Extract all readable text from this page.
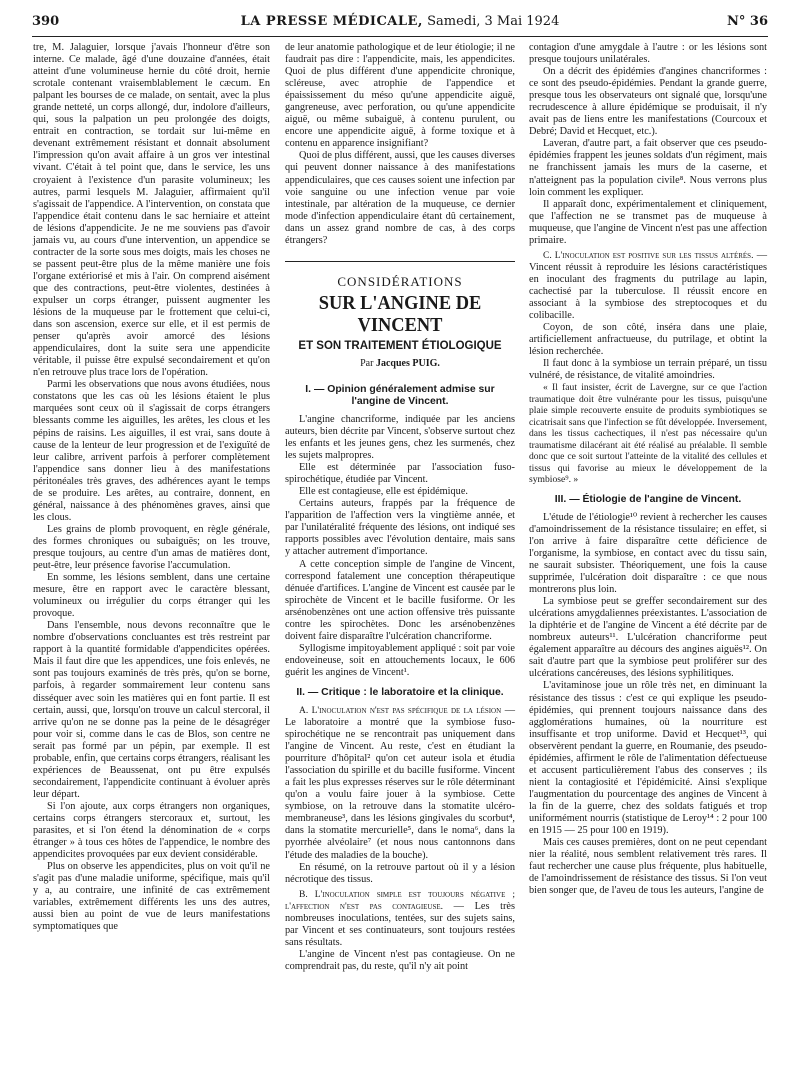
390	LA PRESSE MÉDICALE, Samedi, 3 Mai 1924	N° 36

tre, M. Jalaguier, lorsque j'avais l'honneur d'être son interne. Ce malade, âgé d'une douzaine d'années, était atteint d'une volumineuse hernie du côté droit, hernie scrotale contenant vraisemblablement le cæcum. En palpant les bourses de ce malade, on sentait, avec la plus grande netteté, un corps allongé, dur, indolore d'ailleurs, qui, sous la palpation un peu prolongée des doigts, entrait en contraction, se tordait sur lui-même en devenant extrêmement résistant et donnait absolument l'impression qu'on avait affaire à un gros ver intestinal vivant. C'était à tel point que, dans le service, les uns croyaient à l'existence d'un parasite volumineux; les autres, parmi lesquels M. Jalaguier, affirmaient qu'il s'agissait de l'appendice. A l'intervention, on constata que l'appendice était contenu dans le sac herniaire et atteint de lésions d'appendicite. Je ne me souviens pas d'avoir jamais vu, au cours d'une intervention, un appendice se contracter de la sorte sous mes doigts, mais les choses ne se passent peut-être plus de la même manière une fois l'organe extériorisé et mis à l'air. On comprend aisément que des contractions, peut-être violentes, destinées à expulser un corps étranger, puissent augmenter les lésions de la muqueuse par le frottement que celui-ci, dans son ascension, exerce sur elle, et il est permis de penser qu'après avoir amorcé des lésions appendiculaires, dont la suite sera une appendicite véritable, il puisse être expulsé secondairement et qu'on n'en retrouve plus trace lors de l'opération.

Parmi les observations que nous avons étudiées, nous constatons que les cas où les lésions étaient le plus marquées sont ceux où il s'agissait de corps étrangers blessants comme les aiguilles, les arêtes, les clous et les pépins de raisins. Les aiguilles, il est vrai, sans doute à cause de la lenteur de leur progression et de l'exiguïté de leur calibre, arrivent parfois à perforer complètement l'appendice sans donner lieu à des manifestations péritonéales très graves, des adhérences ayant le temps de se produire. Les arêtes, au contraire, donnent, en général, naissance à des phénomènes graves, ainsi que les clous.

Les grains de plomb provoquent, en règle générale, des formes chroniques ou subaiguës; on les trouve, presque toujours, au centre d'un amas de matières dont, peut-être, leur présence favorise l'accumulation.

En somme, les lésions semblent, dans une certaine mesure, être en rapport avec le caractère blessant, volumineux ou irrégulier du corps étranger qui les provoque.

Dans l'ensemble, nous devons reconnaître que le nombre d'observations concluantes est très restreint par rapport à la quantité formidable d'appendicites opérées. Mais il faut dire que les appendices, une fois enlevés, ne sont pas toujours examinés de très près, qu'on se borne, parfois, à regarder sommairement leur contenu sans disséquer avec soin les matières qui en font partie. Il est certain, aussi, que, lorsqu'on trouve un calcul stercoral, il arrive qu'on ne se donne pas la peine de le désagréger pour voir si, comme dans le cas de Blos, son centre ne serait pas formé par un pépin, par exemple. Il est probable, enfin, que certains corps étrangers, réalisant les expériences de Beaussenat, ont pu être expulsés secondairement, l'appendicite continuant à évoluer après leur départ.

Si l'on ajoute, aux corps étrangers non organiques, certains corps étrangers stercoraux et, surtout, les parasites, et si l'on étend la dénomination de « corps étranger » à tous ces hôtes de l'appendice, le nombre des appendicites provoquées par eux devient considérable.

Plus on observe les appendicites, plus on voit qu'il ne s'agit pas d'une maladie uniforme, spécifique, mais qu'il y a, au contraire, une infinité de cas extrêmement variables, extrêmement différents les uns des autres, aussi bien au point de vue de leurs manifestations symptomatiques que

de leur anatomie pathologique et de leur étiologie; il ne faudrait pas dire : l'appendicite, mais, les appendicites. Quoi de plus différent d'une appendicite chronique, scléreuse, avec atrophie de l'appendice et épaississement du méso qu'une appendicite aiguë, gangreneuse, avec perforation, ou qu'une appendicite aiguë, ou même subaiguë, à contenu purulent, ou encore une appendicite aiguë, à forme toxique et à contenu en apparence insignifiant?

Quoi de plus différent, aussi, que les causes diverses qui peuvent donner naissance à des manifestations appendiculaires, que ces causes soient une infection par voie sanguine ou une infection venue par voie intestinale, par altération de la muqueuse, ce dernier mode d'infection appendiculaire étant dû certainement, dans un assez grand nombre de cas, à des corps étrangers?

CONSIDÉRATIONS
SUR L'ANGINE DE VINCENT
ET SON TRAITEMENT ÉTIOLOGIQUE
Par Jacques PUIG.
I. — Opinion généralement admise sur l'angine de Vincent.

L'angine chancriforme, indiquée par les anciens auteurs, bien décrite par Vincent, s'observe surtout chez les enfants et les jeunes gens, chez les surmenés, chez les sujets malpropres.

Elle est déterminée par l'association fuso-spirochétique, étudiée par Vincent.

Elle est contagieuse, elle est épidémique.

Certains auteurs, frappés par la fréquence de l'apparition de l'affection vers la vingtième année, et par l'unilatéralité fréquente des lésions, ont indiqué ses rapports possibles avec l'évolution dentaire, mais sans y attacher autrement d'importance.

A cette conception simple de l'angine de Vincent, correspond fatalement une conception thérapeutique dénuée d'artifices. L'angine de Vincent est causée par le spirochète de Vincent et le bacille fusiforme. Or les arsénobenzènes ont une action offensive très puissante contre les spirochètes. Donc les arsénobenzènes doivent faire disparaître l'ulcération chancriforme.

Syllogisme impitoyablement appliqué : soit par voie endoveineuse, soit en attouchements locaux, le 606 guérit les angines de Vincent¹.

II. — Critique : le laboratoire et la clinique.

A. L'inoculation n'est pas spécifique de la lésion — Le laboratoire a montré que la symbiose fuso-spirochétique ne se rencontrait pas uniquement dans l'angine de Vincent. Au reste, c'est en étudiant la pourriture d'hôpital² qu'on cet auteur isola et étudia l'association du spirille et du bacille fusiforme. Vincent a fait les plus expresses réserves sur le rôle déterminant qu'on a voulu faire jouer à la symbiose. Cette symbiose, on la retrouve dans la stomatite ulcéro-membraneuse³, dans les lésions gingivales du scorbut⁴, dans la stomatite mercurielle⁵, dans le noma⁶, dans la pyorrhée alvéolaire⁷ (et nous nous cantonnons dans l'étude des maladies de la bouche).

En résumé, on la retrouve partout où il y a lésion nécrotique des tissus.

B. L'inoculation simple est toujours négative ; l'affection n'est pas contagieuse. — Les très nombreuses inoculations, tentées, sur des sujets sains, par Vincent et ses continuateurs, sont toujours restées sans résultats.

L'angine de Vincent n'est pas contagieuse. On ne comprendrait pas, du reste, qu'il n'y ait point

contagion d'une amygdale à l'autre : or les lésions sont presque toujours unilatérales.

On a décrit des épidémies d'angines chancriformes : ce sont des pseudo-épidémies. Pendant la grande guerre, presque tous les observateurs ont signalé que, lorsqu'une recrudescence à allure épidémique se produisait, il n'y avait pas de liens entre les manifestations (Courcoux et Debré; David et Hecquet, etc.).

Laveran, d'autre part, a fait observer que ces pseudo-épidémies frappent les jeunes soldats d'un régiment, mais ne franchissent jamais les murs de la caserne, et n'atteignent pas la population civile⁸. Nous verrons plus loin comment les expliquer.

Il apparaît donc, expérimentalement et cliniquement, que l'affection ne se transmet pas de muqueuse à muqueuse, que l'angine de Vincent n'est pas une affection primaire.

C. L'inoculation est positive sur les tissus altérés. — Vincent réussit à reproduire les lésions caractéristiques en inoculant des fragments du putrilage au lapin, cachectisé par la tuberculose. Il réussit encore en associant à la symbiose des streptocoques et du colibacille.

Coyon, de son côté, inséra dans une plaie, artificiellement anfractueuse, du putrilage, et obtint la lésion recherchée.

Il faut donc à la symbiose un terrain préparé, un tissu vulnéré, de résistance, de vitalité amoindries.

« Il faut insister, écrit de Lavergne, sur ce que l'action traumatique doit être vulnérante pour les tissus, puisqu'une plaie simple recouverte ensuite de produits symbiotiques se cicatrisait sans que l'infection se fût développée. Inversement, dans les tissus cachectiques, il n'est pas nécessaire qu'un traumatisme dilacérant ait été réalisé au préalable. Il semble donc que ce soit surtout l'atteinte de la vitalité des cellules et tissus qui favorise au mieux le développement de la symbiose⁹. »

III. — Étiologie de l'angine de Vincent.

L'étude de l'étiologie¹⁰ revient à rechercher les causes d'amoindrissement de la résistance tissulaire; en effet, si l'on arrive à faire disparaître cette déficience de l'organisme, la symbiose, en contact avec du tissu sain, ne saurait subsister. Théoriquement, une fois la cause supprimée, l'ulcération doit disparaître : ce que nous montrerons plus loin.

La symbiose peut se greffer secondairement sur des ulcérations amygdaliennes préexistantes. L'association de la diphtérie et de l'angine de Vincent a été décrite par de nombreux auteurs¹¹. L'ulcération chancriforme peut également apparaître au décours des angines aiguës¹². On sait d'autre part que la symbiose peut proliférer sur des ulcérations cancéreuses, des lésions syphilitiques.

L'avitaminose joue un rôle très net, en diminuant la résistance des tissus : c'est ce qui explique les pseudo-épidémies, qui prennent toujours naissance dans des agglomérations humaines, où la nourriture est insuffisante et trop uniforme. David et Hecquet¹³, qui observèrent pendant la guerre, en Roumanie, des pseudo-épidémies, affirment le rôle de l'alimentation défectueuse et accusent particulièrement l'abus des conserves ; ils nient la contagiosité et l'épidémicité. Ainsi s'explique l'augmentation du pourcentage des angines de Vincent à la fin de la guerre, chez des soldats fatigués et trop uniformément nourris (statistique de Leroy¹⁴ : 2 pour 100 en 1915 — 25 pour 100 en 1919).

Mais ces causes premières, dont on ne peut cependant nier la réalité, nous semblent relativement très rares. Il faut rechercher une cause plus fréquente, plus habituelle, de l'amoindrissement de résistance des tissus. Si l'on veut bien songer que, de l'aveu de tous les auteurs, l'angine de
